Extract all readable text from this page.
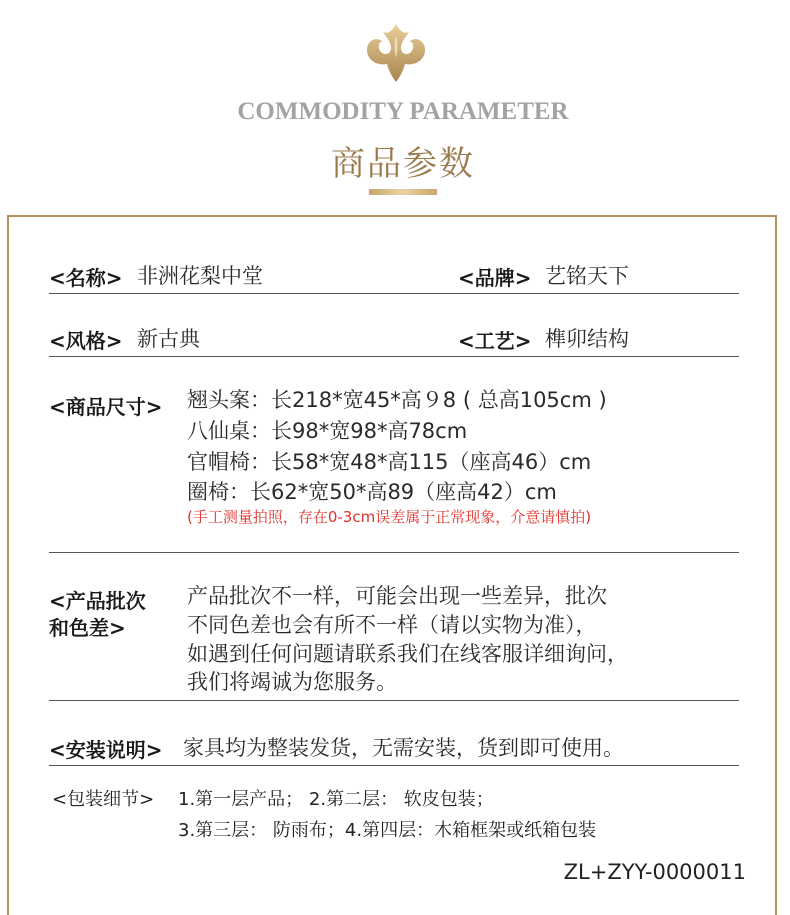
COMMODITY PARAMETER
商品参数
<名称> 非洲花梨中堂	<品牌> 艺铭天下
<风格> 新古典	<工艺> 榫卯结构
<商品尺寸> 翘头案：长218*宽45*高９8 ( 总高105cm )
八仙桌：长98*宽98*高78cm
官帽椅：长58*宽48*高115（座高46）cm
圈椅：长62*宽50*高89（座高42）cm
(手工测量拍照，存在0-3cm误差属于正常现象，介意请慎拍)
<产品批次
和色差>
产品批次不一样，可能会出现一些差异，批次
不同色差也会有所不一样（请以实物为准），
如遇到任何问题请联系我们在线客服详细询问，
我们将竭诚为您服务。
<安装说明> 家具均为整装发货，无需安装，货到即可使用。
<包装细节> 1.第一层产品； 2.第二层： 软皮包装；
3.第三层： 防雨布；4.第四层：木箱框架或纸箱包装
ZL+ZYY-0000011
